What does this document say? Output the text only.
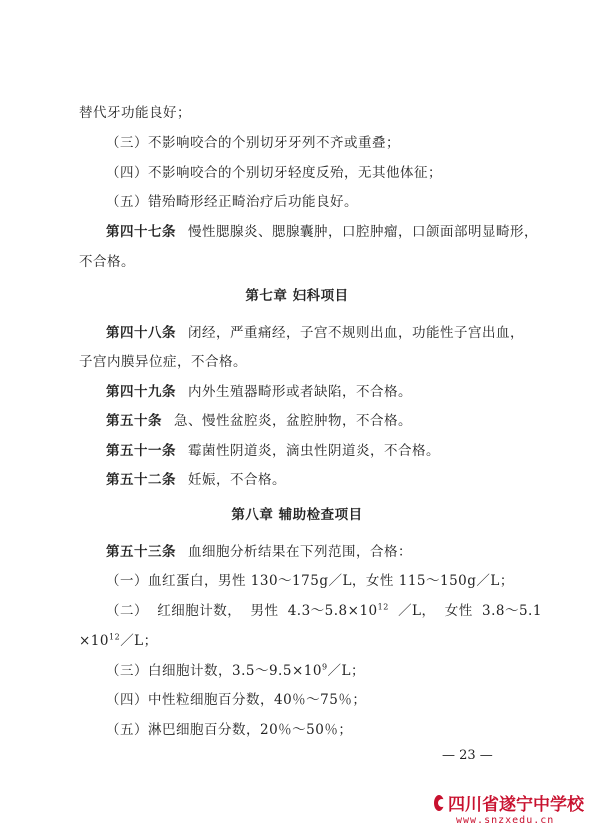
替代牙功能良好；
（三）不影响咬合的个别切牙牙列不齐或重叠；
（四）不影响咬合的个别切牙轻度反殆，无其他体征；
（五）错殆畸形经正畸治疗后功能良好。
第四十七条 慢性腮腺炎、腮腺囊肿，口腔肿瘤，口颌面部明显畸形，
不合格。
第七章 妇科项目
第四十八条 闭经，严重痛经，子宫不规则出血，功能性子宫出血，
子宫内膜异位症，不合格。
第四十九条 内外生殖器畸形或者缺陷，不合格。
第五十条 急、慢性盆腔炎，盆腔肿物，不合格。
第五十一条 霉菌性阴道炎，滴虫性阴道炎，不合格。
第五十二条 妊娠，不合格。
第八章 辅助检查项目
第五十三条 血细胞分析结果在下列范围，合格：
（一）血红蛋白，男性 130～175g／L，女性 115～150g／L；
（二） 红细胞计数， 男性 $4.3\sim 5.8\times 10^{12}$ ／L， 女性 3.8～5.1
$\times 10^{12}/L$；
（三）白细胞计数，$3.5\sim 9.5\times 10^9/L$；
（四）中性粒细胞百分数，40％～75％；
（五）淋巴细胞百分数，20％～50％；
— 23 —
四川省遂宁中学校
www.snzxedu.cn
